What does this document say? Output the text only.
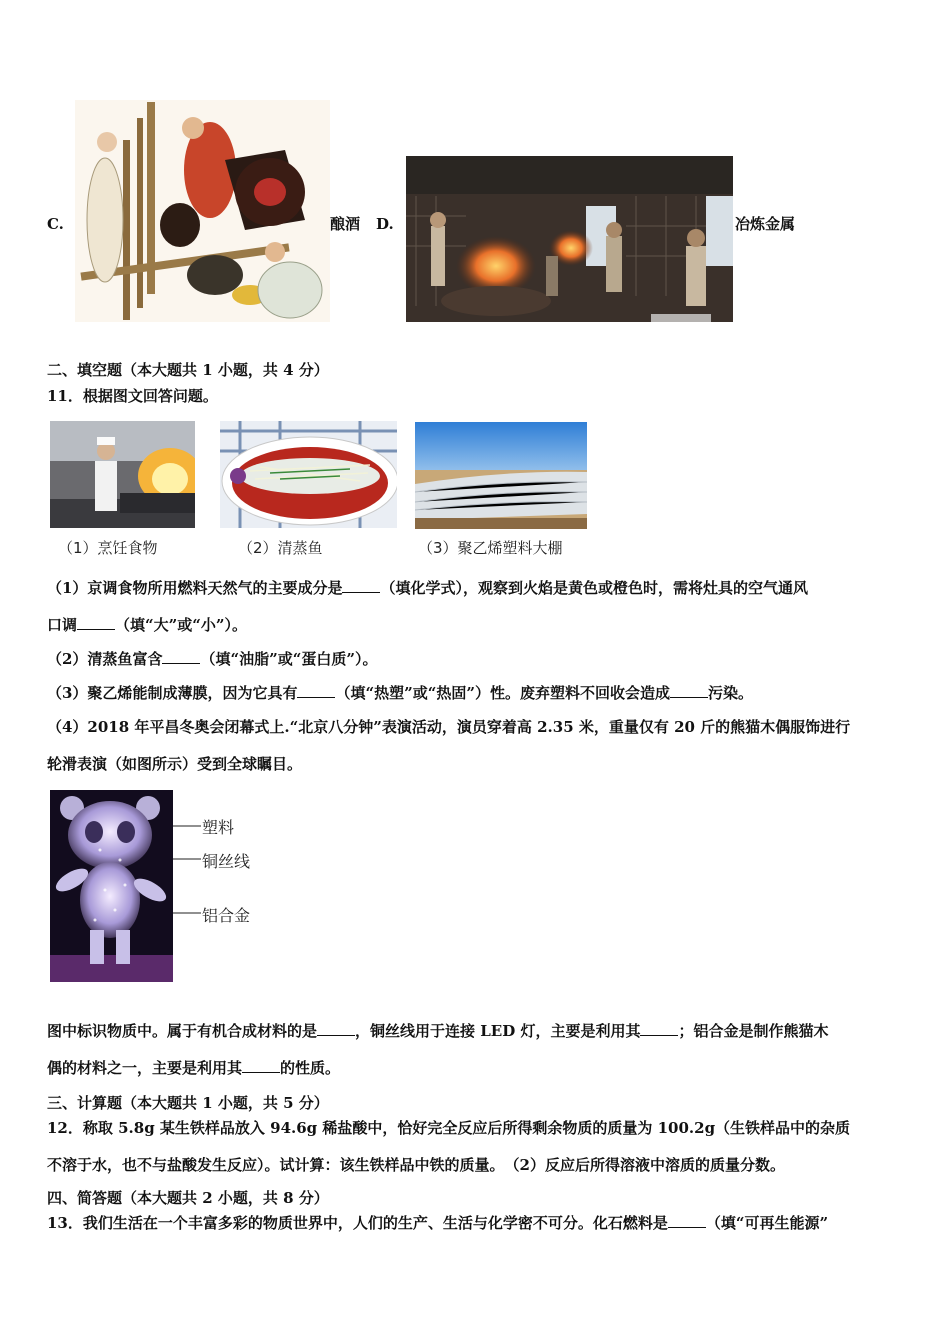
C.	酿酒 D.	冶炼金属
二、填空题（本大题共 1 小题，共 4 分）
11．根据图文回答问题。
（1）烹饪食物	（2）清蒸鱼	（3）聚乙烯塑料大棚
（1）京调食物所用燃料天然气的主要成分是	（填化学式），观察到火焰是黄色或橙色时，需将灶具的空气通风
口调	（填“大”或“小”）。
（2）清蒸鱼富含	（填“油脂”或“蛋白质”）。
（3）聚乙烯能制成薄膜，因为它具有	（填“热塑”或“热固”）性。废弃塑料不回收会造成	污染。
（4）2018 年平昌冬奥会闭幕式上.“北京八分钟”表演活动，演员穿着高 2.35 米，重量仅有 20 斤的熊猫木偶服饰进行
轮滑表演（如图所示）受到全球瞩目。
塑料
铜丝线
铝合金
图中标识物质中。属于有机合成材料的是	，铜丝线用于连接 LED 灯，主要是利用其	；铝合金是制作熊猫木
偶的材料之一，主要是利用其	的性质。
三、计算题（本大题共 1 小题，共 5 分）
12．称取 5.8g 某生铁样品放入 94.6g 稀盐酸中，恰好完全反应后所得剩余物质的质量为 100.2g（生铁样品中的杂质
不溶于水，也不与盐酸发生反应）。试计算：该生铁样品中铁的质量。　（2）反应后所得溶液中溶质的质量分数。
四、简答题（本大题共 2 小题，共 8 分）
13．我们生活在一个丰富多彩的物质世界中，人们的生产、生活与化学密不可分。化石燃料是	（填“可再生能源”
